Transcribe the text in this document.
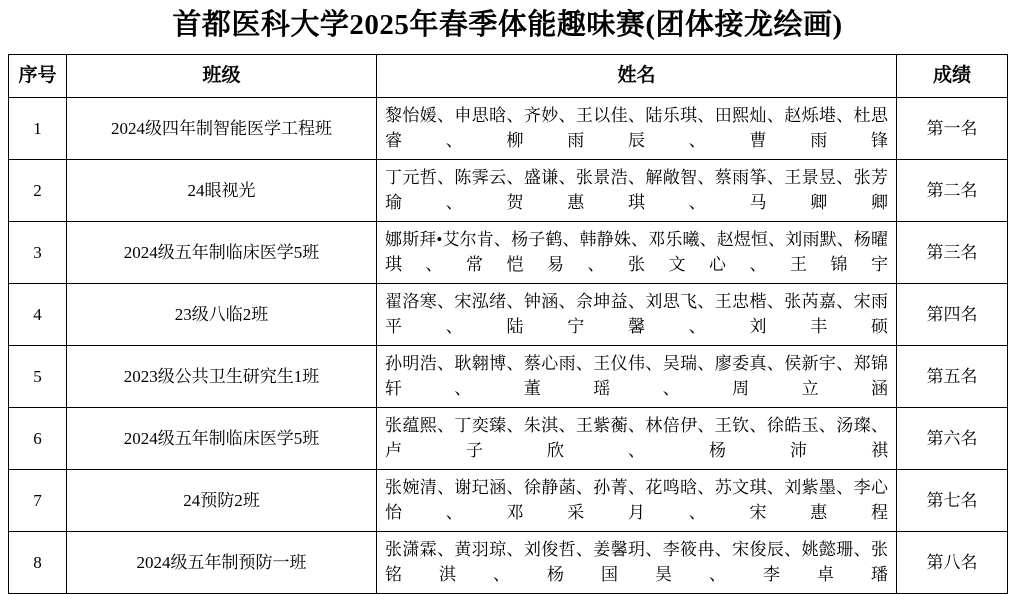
首都医科大学2025年春季体能趣味赛(团体接龙绘画)
序号	班级	姓名	成绩
1	2024级四年制智能医学工程班	黎怡媛、申思晗、齐妙、王以佳、陆乐琪、田熙灿、赵烁塂、杜思睿、柳雨辰、曹雨锋	第一名
2	24眼视光	丁元哲、陈霁云、盛谦、张景浩、解敞智、蔡雨筝、王景昱、张芳瑜、贺惠琪、马卿卿	第二名
3	2024级五年制临床医学5班	娜斯拜•艾尔肯、杨子鹤、韩静姝、邓乐曦、赵煜恒、刘雨默、杨曜琪、常恺易、张文心、王锦宇	第三名
4	23级八临2班	翟洛寒、宋泓绪、钟涵、佘坤益、刘思飞、王忠楷、张芮嘉、宋雨平、陆宁馨、刘丰硕	第四名
5	2023级公共卫生研究生1班	孙明浩、耿翱博、蔡心雨、王仪伟、吴瑞、廖委真、侯新宇、郑锦轩、董瑶、周立涵	第五名
6	2024级五年制临床医学5班	张蕴熙、丁奕臻、朱淇、王紫蘅、林倍伊、王钦、徐皓玉、汤璨、卢子欣、杨沛祺	第六名
7	24预防2班	张婉清、谢玘涵、徐静菡、孙菁、花鸣晗、苏文琪、刘紫墨、李心怡、邓采月、宋惠程	第七名
8	2024级五年制预防一班	张潇霖、黄羽琼、刘俊哲、姜馨玥、李筱冉、宋俊辰、姚懿珊、张铭淇、杨国昊、李卓璠	第八名
